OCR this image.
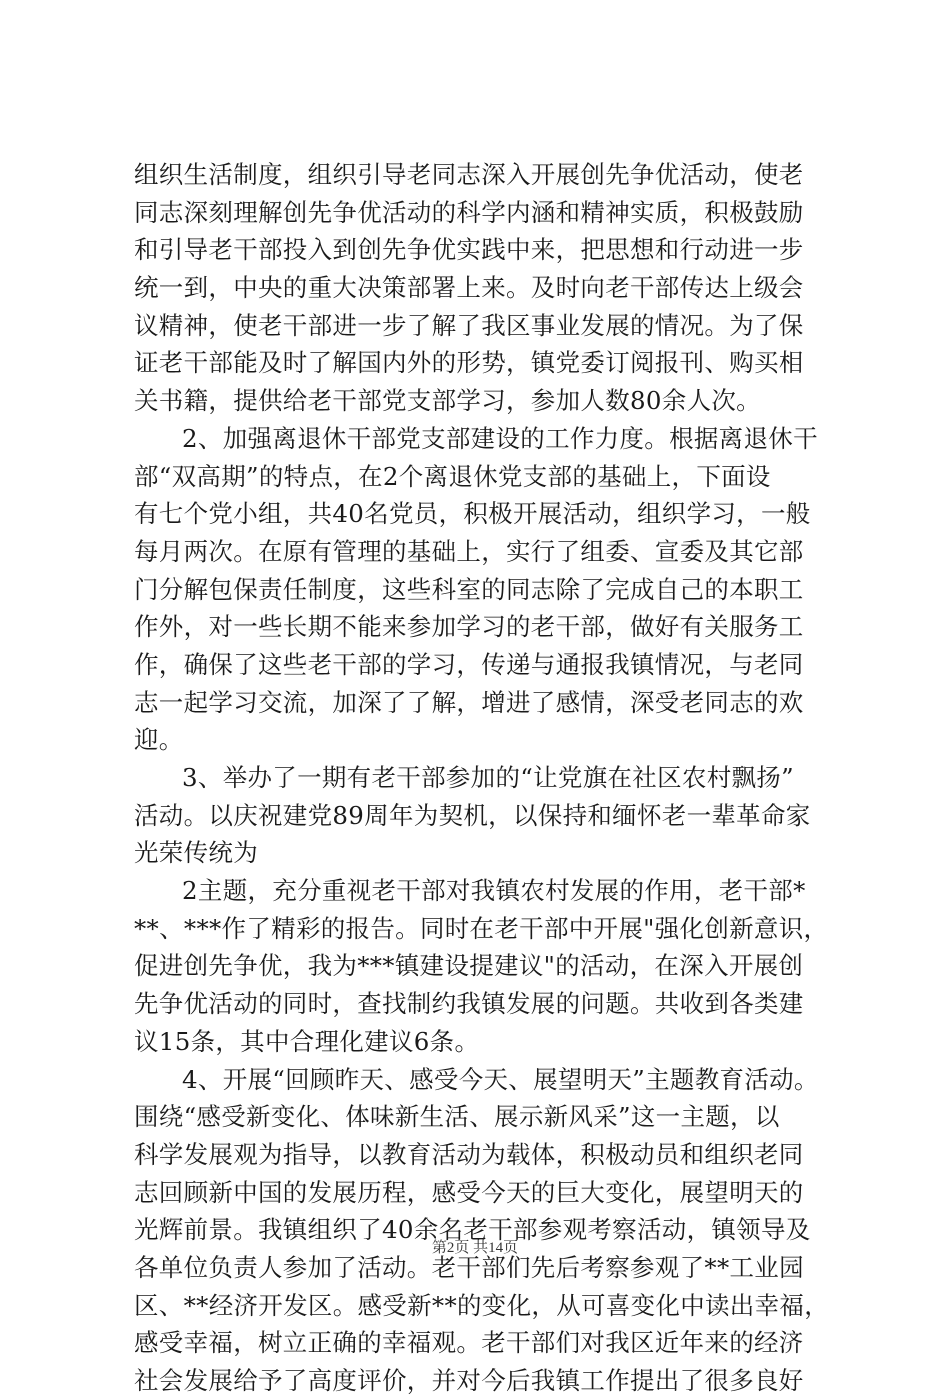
组织生活制度，组织引导老同志深入开展创先争优活动，使老
同志深刻理解创先争优活动的科学内涵和精神实质，积极鼓励
和引导老干部投入到创先争优实践中来，把思想和行动进一步
统一到，中央的重大决策部署上来。及时向老干部传达上级会
议精神，使老干部进一步了解了我区事业发展的情况。为了保
证老干部能及时了解国内外的形势，镇党委订阅报刊、购买相
关书籍，提供给老干部党支部学习，参加人数80余人次。
2、加强离退休干部党支部建设的工作力度。根据离退休干
部“双高期”的特点，在2个离退休党支部的基础上，下面设
有七个党小组，共40名党员，积极开展活动，组织学习，一般
每月两次。在原有管理的基础上，实行了组委、宣委及其它部
门分解包保责任制度，这些科室的同志除了完成自己的本职工
作外，对一些长期不能来参加学习的老干部，做好有关服务工
作，确保了这些老干部的学习，传递与通报我镇情况，与老同
志一起学习交流，加深了了解，增进了感情，深受老同志的欢
迎。
3、举办了一期有老干部参加的“让党旗在社区农村飘扬”
活动。以庆祝建党89周年为契机，以保持和缅怀老一辈革命家
光荣传统为
2主题，充分重视老干部对我镇农村发展的作用，老干部*
**、***作了精彩的报告。同时在老干部中开展"强化创新意识，
促进创先争优，我为***镇建设提建议"的活动，在深入开展创
先争优活动的同时，查找制约我镇发展的问题。共收到各类建
议15条，其中合理化建议6条。
4、开展“回顾昨天、感受今天、展望明天”主题教育活动。
围绕“感受新变化、体味新生活、展示新风采”这一主题，以
科学发展观为指导，以教育活动为载体，积极动员和组织老同
志回顾新中国的发展历程，感受今天的巨大变化，展望明天的
光辉前景。我镇组织了40余名老干部参观考察活动，镇领导及
各单位负责人参加了活动。老干部们先后考察参观了**工业园
区、**经济开发区。感受新**的变化，从可喜变化中读出幸福，
感受幸福，树立正确的幸福观。老干部们对我区近年来的经济
社会发展给予了高度评价，并对今后我镇工作提出了很多良好
第2页 共14页
